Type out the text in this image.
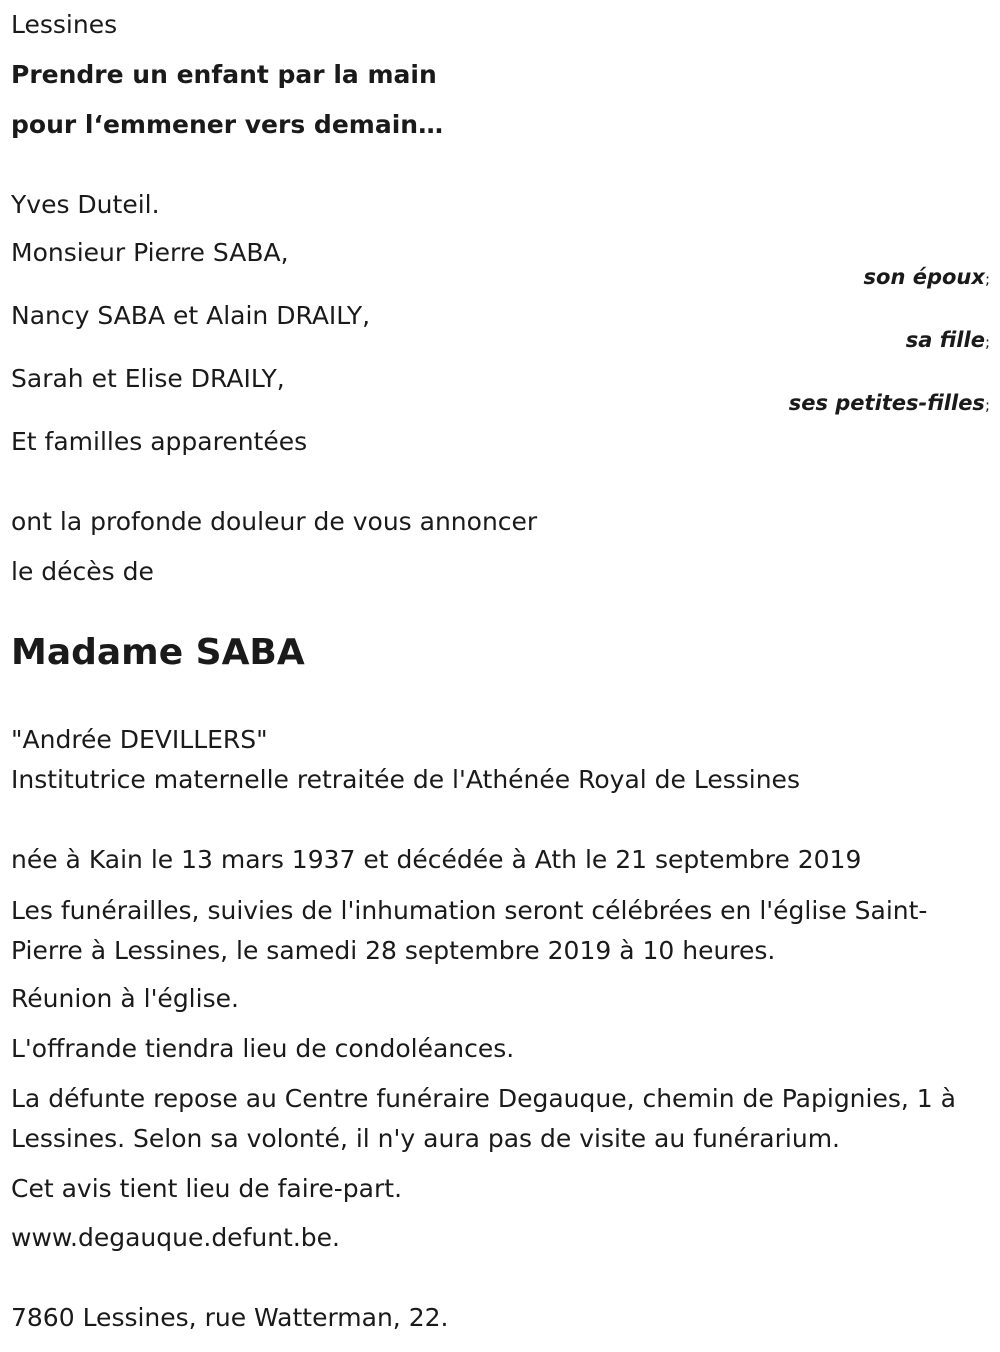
Lessines
Prendre un enfant par la main
pour l‘emmener vers demain…
Yves Duteil.
Monsieur Pierre SABA,
son époux;
Nancy SABA et Alain DRAILY,
sa fille;
Sarah et Elise DRAILY,
ses petites-filles;
Et familles apparentées
ont la profonde douleur de vous annoncer
le décès de
Madame SABA
"Andrée DEVILLERS"
Institutrice maternelle retraitée de l'Athénée Royal de Lessines
née à Kain le 13 mars 1937 et décédée à Ath le 21 septembre 2019
Les funérailles, suivies de l'inhumation seront célébrées en l'église Saint-Pierre à Lessines, le samedi 28 septembre 2019 à 10 heures.
Réunion à l'église.
L'offrande tiendra lieu de condoléances.
La défunte repose au Centre funéraire Degauque, chemin de Papignies, 1 à Lessines. Selon sa volonté, il n'y aura pas de visite au funérarium.
Cet avis tient lieu de faire-part.
www.degauque.defunt.be.
7860 Lessines, rue Watterman, 22.
